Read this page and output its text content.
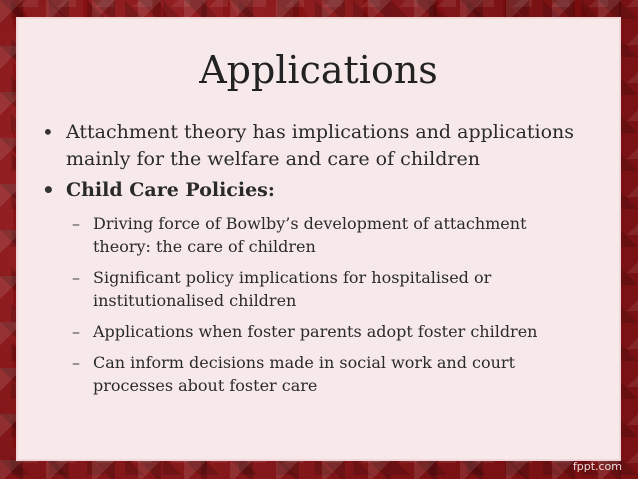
Applications
• Attachment theory has implications and applications mainly for the welfare and care of children
• Child Care Policies:
– Driving force of Bowlby’s development of attachment theory: the care of children
– Significant policy implications for hospitalised or institutionalised children
– Applications when foster parents adopt foster children
– Can inform decisions made in social work and court processes about foster care
fppt.com
